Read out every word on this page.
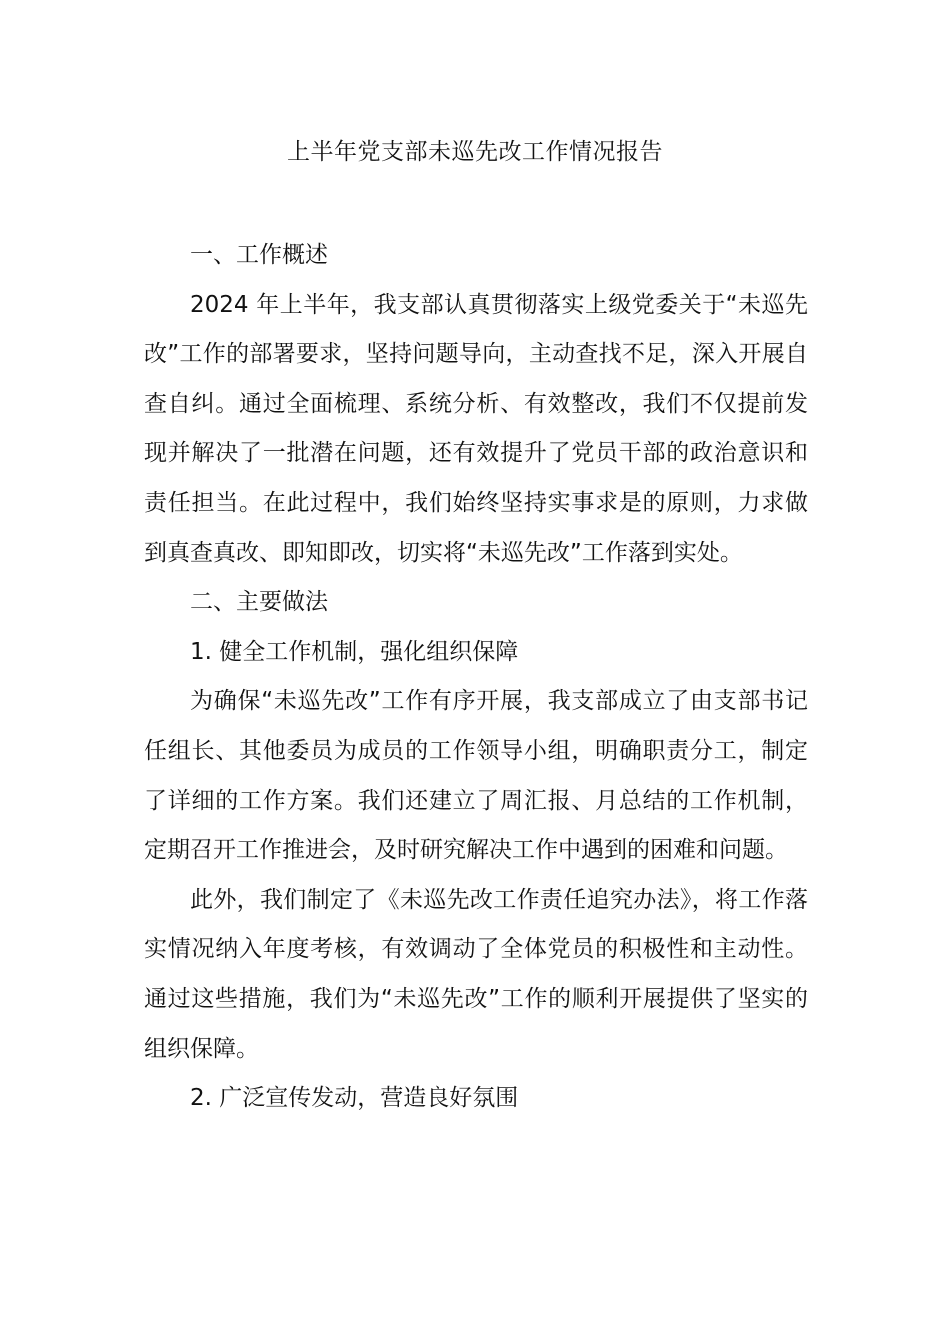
上半年党支部未巡先改工作情况报告

一、工作概述

2024 年上半年，我支部认真贯彻落实上级党委关于“未巡先改”工作的部署要求，坚持问题导向，主动查找不足，深入开展自查自纠。通过全面梳理、系统分析、有效整改，我们不仅提前发现并解决了一批潜在问题，还有效提升了党员干部的政治意识和责任担当。在此过程中，我们始终坚持实事求是的原则，力求做到真查真改、即知即改，切实将“未巡先改”工作落到实处。

二、主要做法

1. 健全工作机制，强化组织保障

为确保“未巡先改”工作有序开展，我支部成立了由支部书记任组长、其他委员为成员的工作领导小组，明确职责分工，制定了详细的工作方案。我们还建立了周汇报、月总结的工作机制，定期召开工作推进会，及时研究解决工作中遇到的困难和问题。

此外，我们制定了《未巡先改工作责任追究办法》，将工作落实情况纳入年度考核，有效调动了全体党员的积极性和主动性。通过这些措施，我们为“未巡先改”工作的顺利开展提供了坚实的组织保障。

2. 广泛宣传发动，营造良好氛围
